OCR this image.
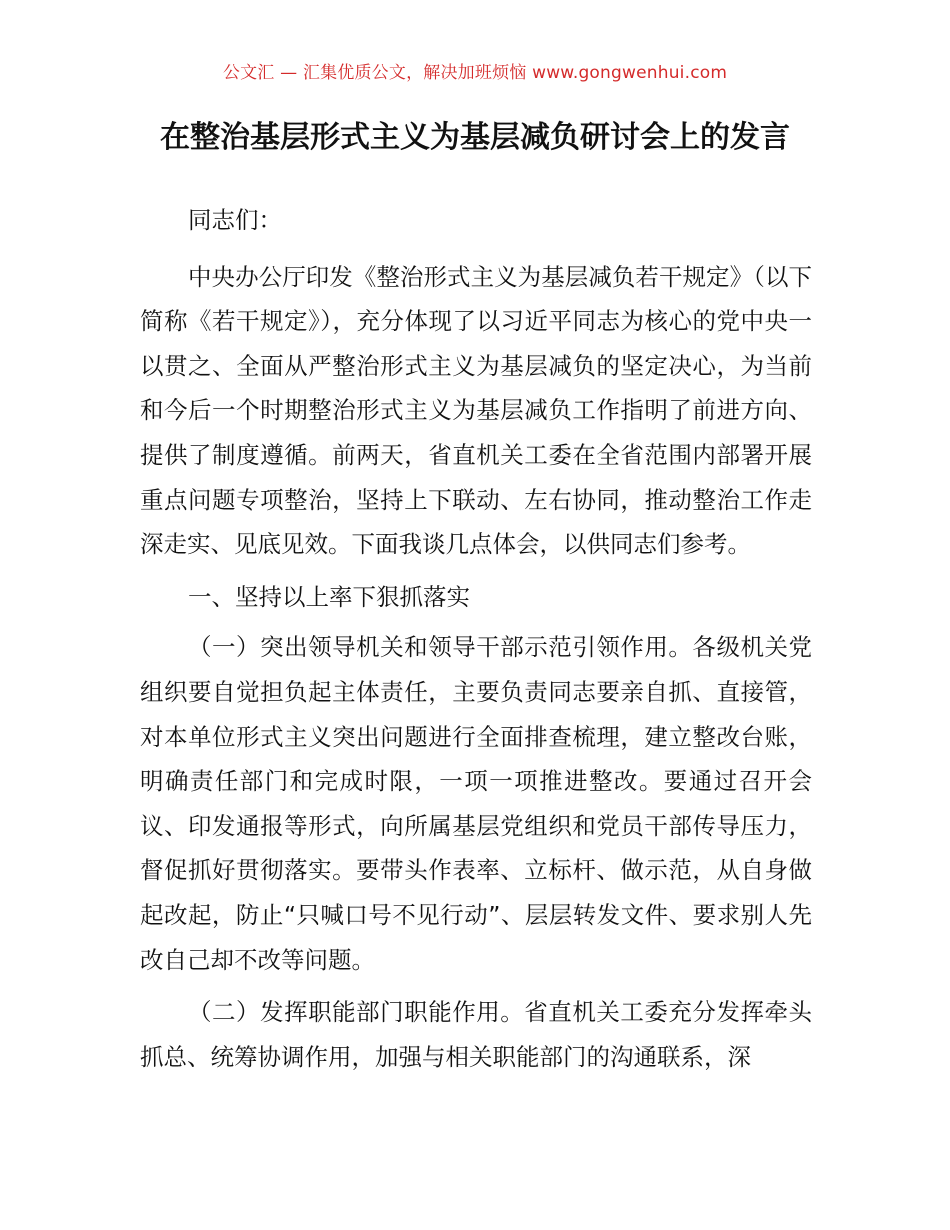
公文汇 — 汇集优质公文，解决加班烦恼 www.gongwenhui.com
在整治基层形式主义为基层减负研讨会上的发言

同志们：

中央办公厅印发《整治形式主义为基层减负若干规定》（以下简称《若干规定》），充分体现了以习近平同志为核心的党中央一以贯之、全面从严整治形式主义为基层减负的坚定决心，为当前和今后一个时期整治形式主义为基层减负工作指明了前进方向、提供了制度遵循。前两天，省直机关工委在全省范围内部署开展重点问题专项整治，坚持上下联动、左右协同，推动整治工作走深走实、见底见效。下面我谈几点体会，以供同志们参考。

一、坚持以上率下狠抓落实

（一）突出领导机关和领导干部示范引领作用。各级机关党组织要自觉担负起主体责任，主要负责同志要亲自抓、直接管，对本单位形式主义突出问题进行全面排查梳理，建立整改台账，明确责任部门和完成时限，一项一项推进整改。要通过召开会议、印发通报等形式，向所属基层党组织和党员干部传导压力，督促抓好贯彻落实。要带头作表率、立标杆、做示范，从自身做起改起，防止“只喊口号不见行动”、层层转发文件、要求别人先改自己却不改等问题。

（二）发挥职能部门职能作用。省直机关工委充分发挥牵头抓总、统筹协调作用，加强与相关职能部门的沟通联系，深
